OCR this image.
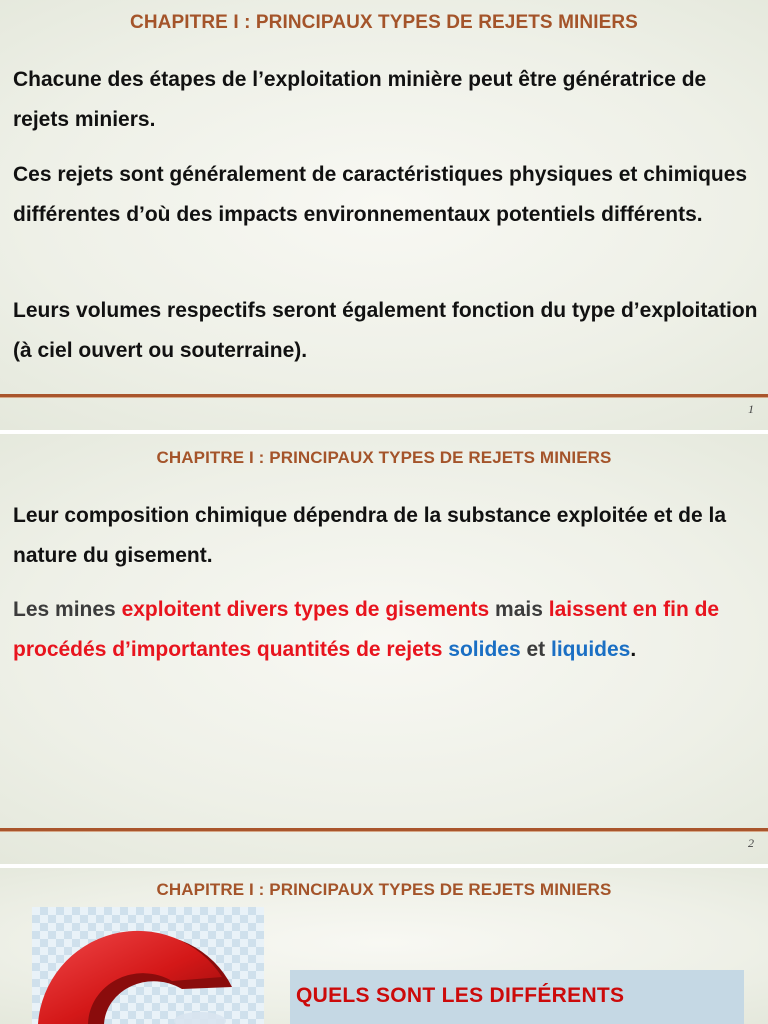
CHAPITRE I : PRINCIPAUX TYPES DE REJETS MINIERS

Chacune des étapes de l’exploitation minière peut être génératrice de rejets miniers.

Ces rejets sont généralement de caractéristiques physiques et chimiques différentes d’où des impacts environnementaux potentiels différents.

Leurs volumes respectifs seront également fonction du type d’exploitation (à ciel ouvert ou souterraine).

1
CHAPITRE I : PRINCIPAUX TYPES DE REJETS MINIERS

Leur composition chimique dépendra de la substance exploitée et de la nature du gisement.

Les mines exploitent divers types de gisements mais laissent en fin de procédés d’importantes quantités de rejets solides et liquides.

2
CHAPITRE I : PRINCIPAUX TYPES DE REJETS MINIERS
QUELS SONT LES DIFFÉRENTS
